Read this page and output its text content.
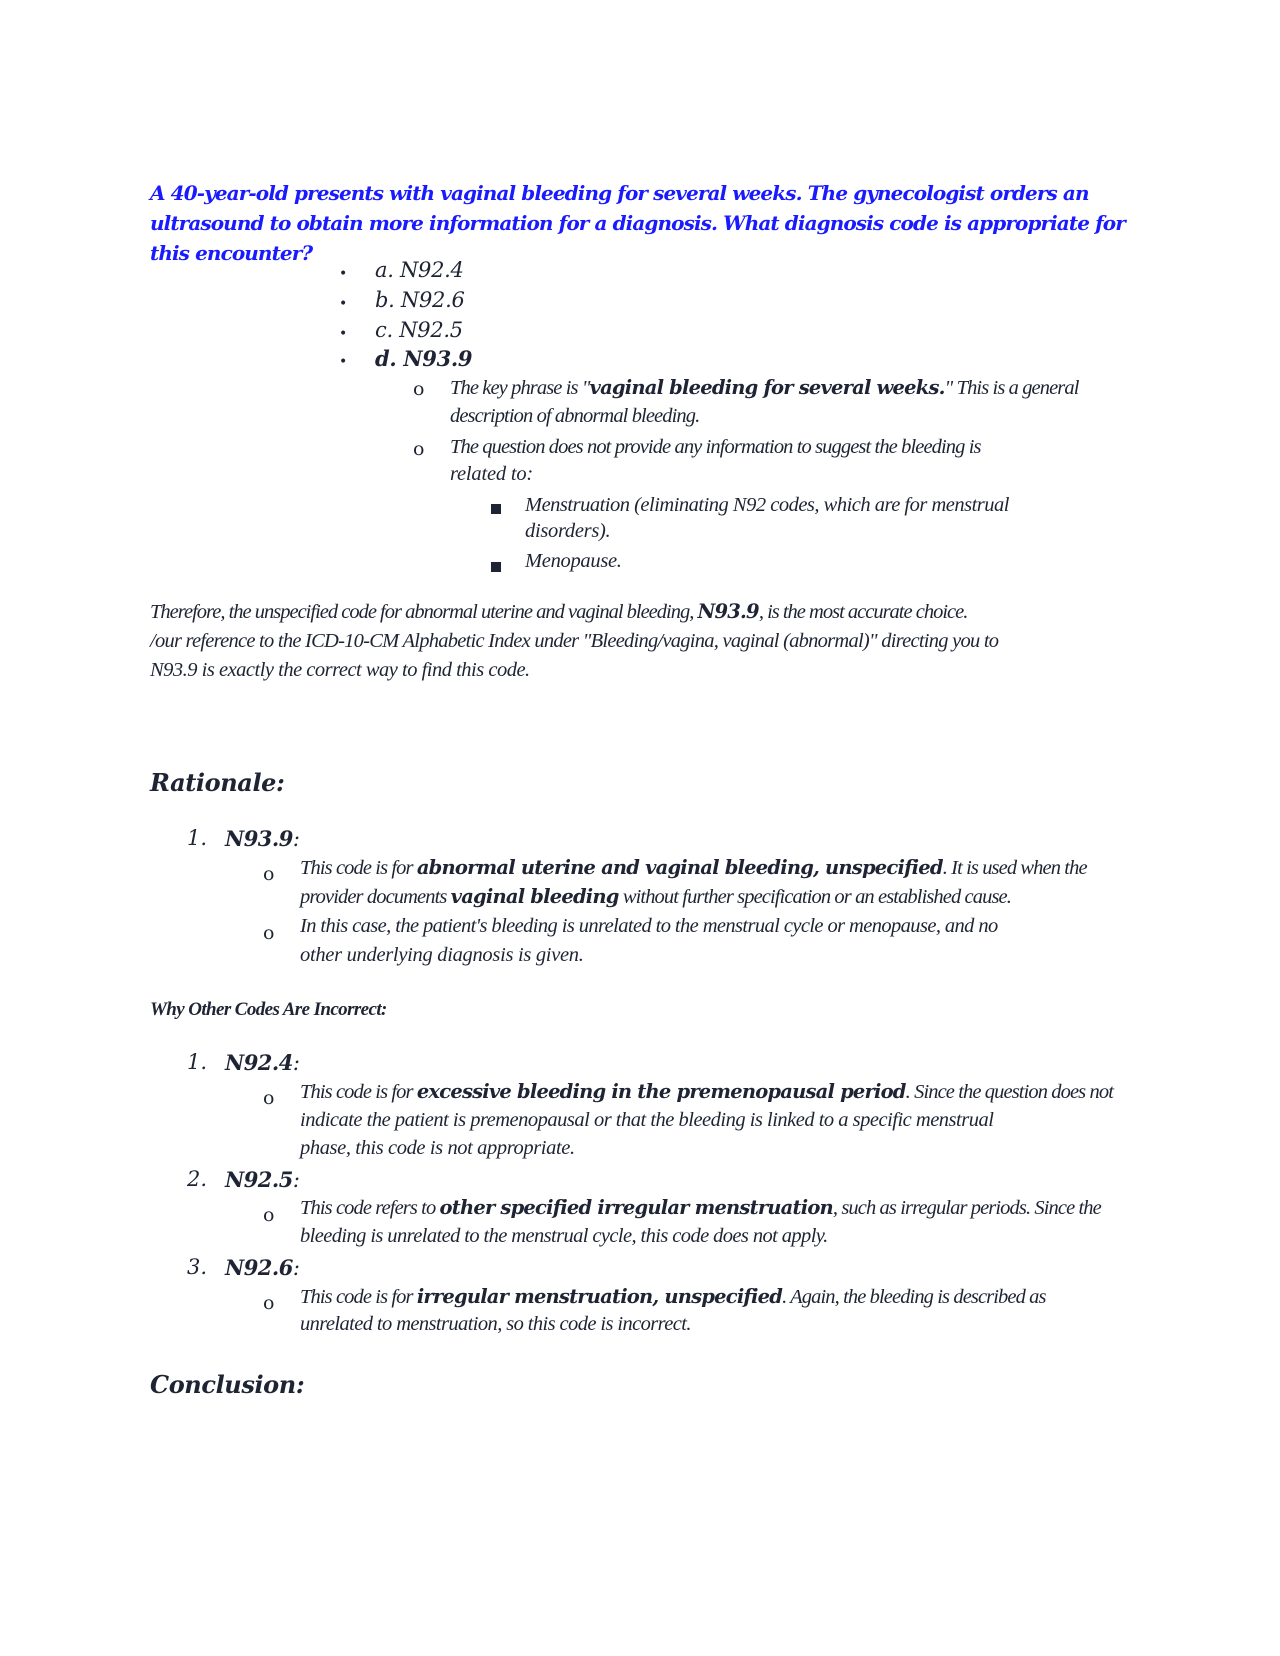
A 40-year-old presents with vaginal bleeding for several weeks. The gynecologist orders an ultrasound to obtain more information for a diagnosis. What diagnosis code is appropriate for this encounter?
• a. N92.4
• b. N92.6
• c. N92.5
• d. N93.9
o The key phrase is "vaginal bleeding for several weeks." This is a general
description of abnormal bleeding.
o The question does not provide any information to suggest the bleeding is
related to:
Menstruation (eliminating N92 codes, which are for menstrual
disorders).
Menopause.
Therefore, the unspecified code for abnormal uterine and vaginal bleeding, N93.9, is the most accurate choice.
/our reference to the ICD-10-CM Alphabetic Index under "Bleeding/vagina, vaginal (abnormal)" directing you to
N93.9 is exactly the correct way to find this code.
Rationale:
1. N93.9:
o This code is for abnormal uterine and vaginal bleeding, unspecified. It is used when the
provider documents vaginal bleeding without further specification or an established cause.
o In this case, the patient's bleeding is unrelated to the menstrual cycle or menopause, and no
other underlying diagnosis is given.
Why Other Codes Are Incorrect:
1. N92.4:
o This code is for excessive bleeding in the premenopausal period. Since the question does not
indicate the patient is premenopausal or that the bleeding is linked to a specific menstrual
phase, this code is not appropriate.
2. N92.5:
o This code refers to other specified irregular menstruation, such as irregular periods. Since the
bleeding is unrelated to the menstrual cycle, this code does not apply.
3. N92.6:
o This code is for irregular menstruation, unspecified. Again, the bleeding is described as
unrelated to menstruation, so this code is incorrect.
Conclusion:
